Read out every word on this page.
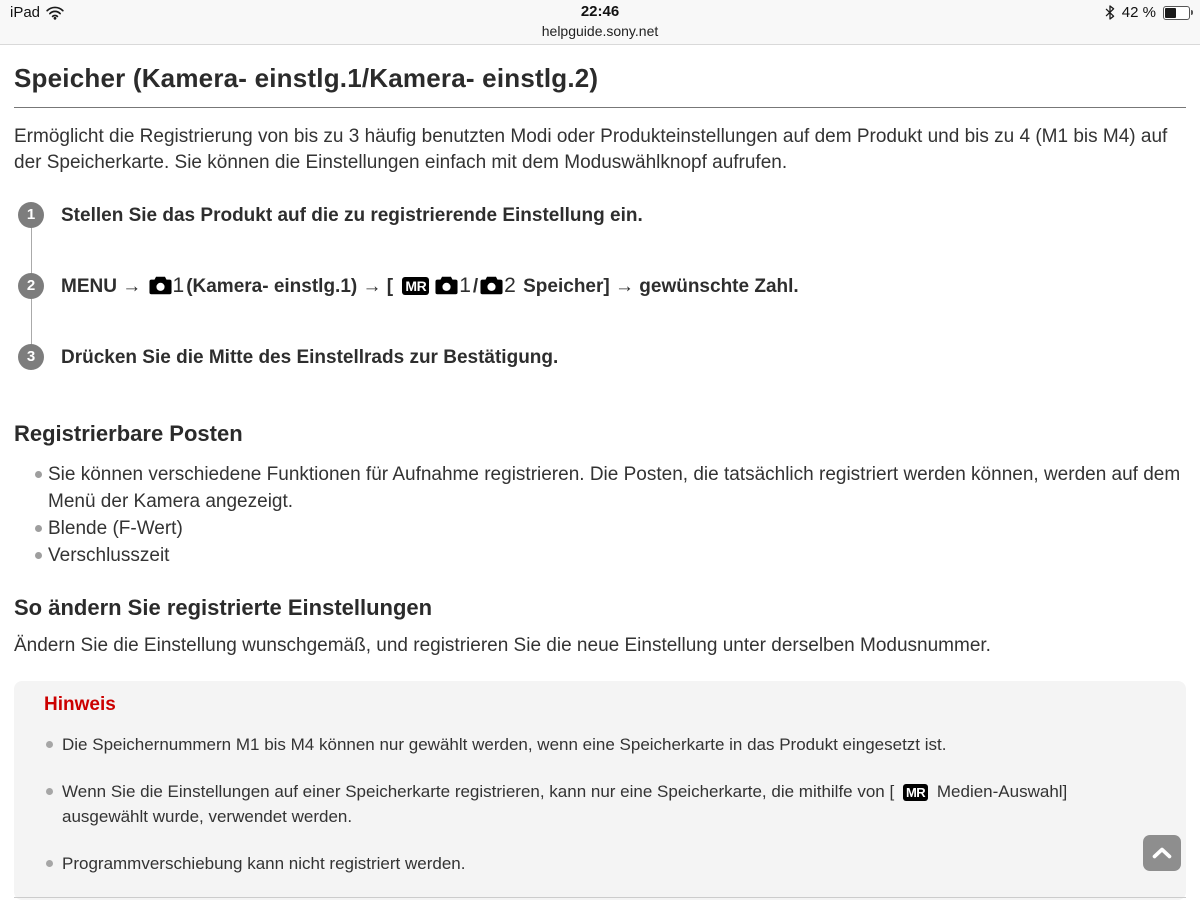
iPad	22:46
helpguide.sony.net
42 %
Speicher (Kamera- einstlg.1/Kamera- einstlg.2)

Ermöglicht die Registrierung von bis zu 3 häufig benutzten Modi oder Produkteinstellungen auf dem Produkt und bis zu 4 (M1 bis M4) auf der Speicherkarte. Sie können die Einstellungen einfach mit dem Moduswählknopf aufrufen.

1	Stellen Sie das Produkt auf die zu registrierende Einstellung ein.
2	MENU → 1 (Kamera- einstlg.1) → [ MR 1 / 2 Speicher] → gewünschte Zahl.
3	Drücken Sie die Mitte des Einstellrads zur Bestätigung.
Registrierbare Posten
Sie können verschiedene Funktionen für Aufnahme registrieren. Die Posten, die tatsächlich registriert werden können, werden auf dem Menü der Kamera angezeigt.
Blende (F-Wert)
Verschlusszeit
So ändern Sie registrierte Einstellungen

Ändern Sie die Einstellung wunschgemäß, und registrieren Sie die neue Einstellung unter derselben Modusnummer.

Hinweis
Die Speichernummern M1 bis M4 können nur gewählt werden, wenn eine Speicherkarte in das Produkt eingesetzt ist.
Wenn Sie die Einstellungen auf einer Speicherkarte registrieren, kann nur eine Speicherkarte, die mithilfe von [ MR Medien-Auswahl] ausgewählt wurde, verwendet werden.
Programmverschiebung kann nicht registriert werden.
